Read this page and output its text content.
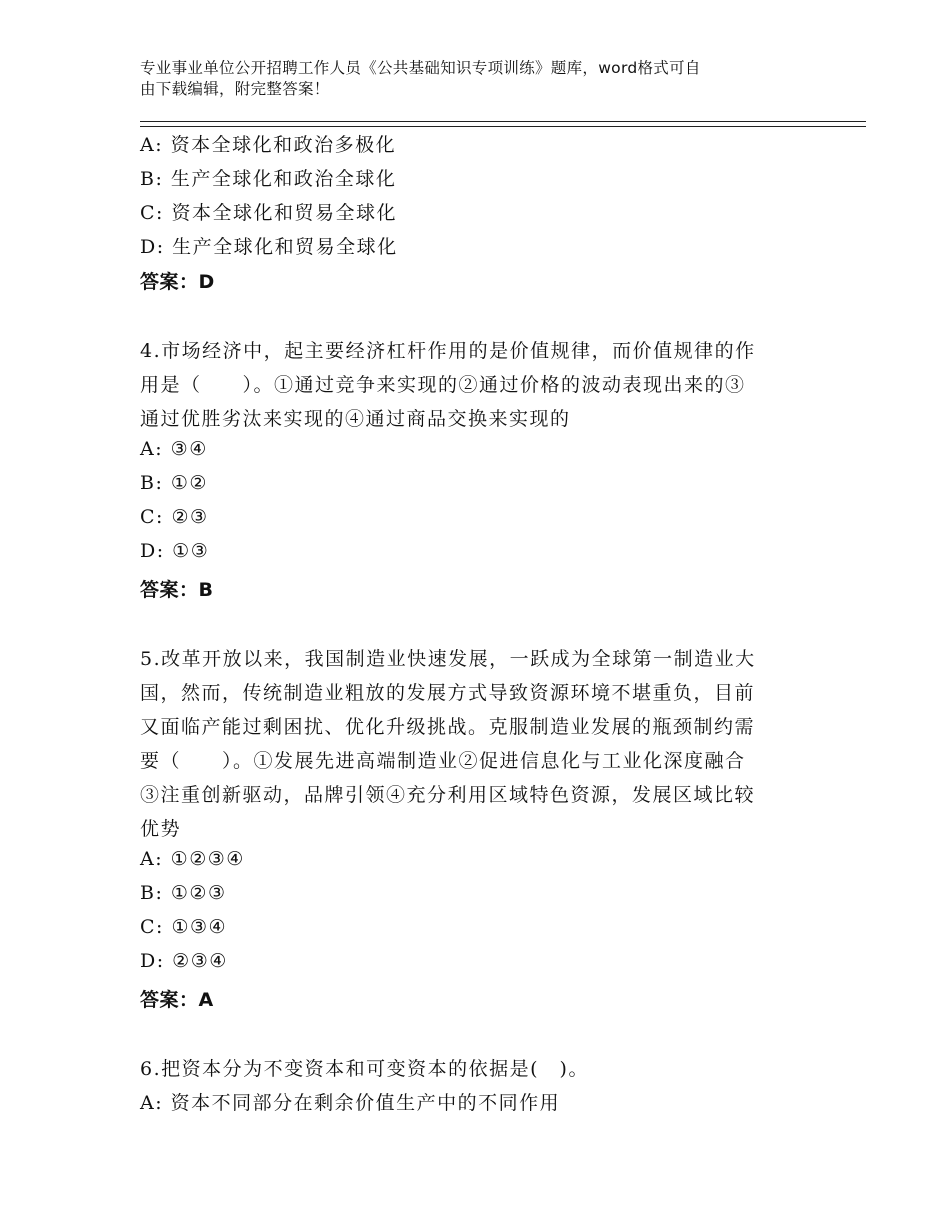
专业事业单位公开招聘工作人员《公共基础知识专项训练》题库，word格式可自
由下载编辑，附完整答案！
A: 资本全球化和政治多极化
B: 生产全球化和政治全球化
C: 资本全球化和贸易全球化
D: 生产全球化和贸易全球化
答案：D
4.市场经济中，起主要经济杠杆作用的是价值规律，而价值规律的作
用是（　　）。①通过竞争来实现的②通过价格的波动表现出来的③
通过优胜劣汰来实现的④通过商品交换来实现的
A: ③④
B: ①②
C: ②③
D: ①③
答案：B
5.改革开放以来，我国制造业快速发展，一跃成为全球第一制造业大
国，然而，传统制造业粗放的发展方式导致资源环境不堪重负，目前
又面临产能过剩困扰、优化升级挑战。克服制造业发展的瓶颈制约需
要（　　）。①发展先进高端制造业②促进信息化与工业化深度融合
③注重创新驱动，品牌引领④充分利用区域特色资源，发展区域比较
优势
A: ①②③④
B: ①②③
C: ①③④
D: ②③④
答案：A
6.把资本分为不变资本和可变资本的依据是(　)。
A: 资本不同部分在剩余价值生产中的不同作用
